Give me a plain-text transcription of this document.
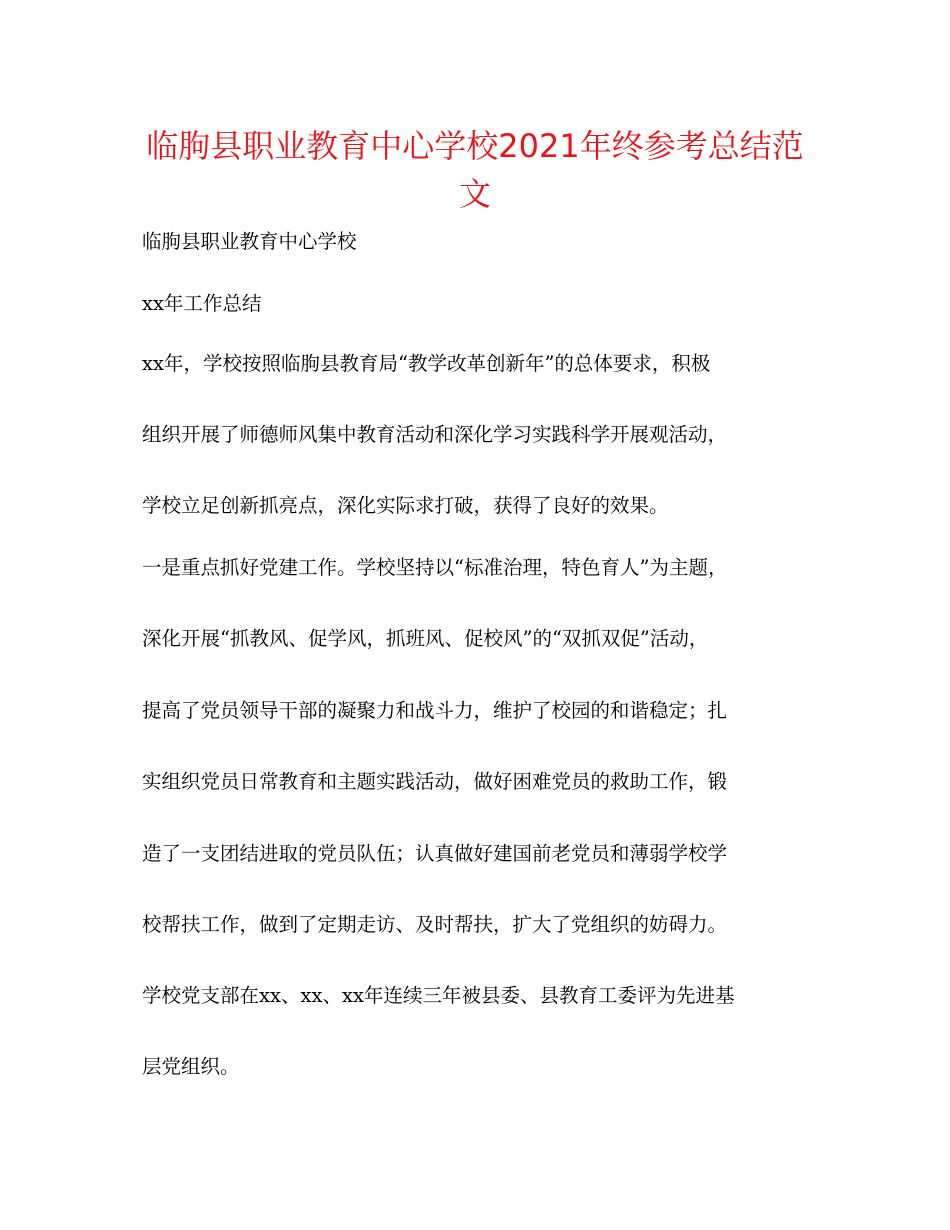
临朐县职业教育中心学校2021年终参考总结范
文

临朐县职业教育中心学校

xx年工作总结

xx年，学校按照临朐县教育局“教学改革创新年”的总体要求，积极

组织开展了师德师风集中教育活动和深化学习实践科学开展观活动，

学校立足创新抓亮点，深化实际求打破，获得了良好的效果。

一是重点抓好党建工作。学校坚持以“标准治理，特色育人”为主题，

深化开展“抓教风、促学风，抓班风、促校风”的“双抓双促”活动，

提高了党员领导干部的凝聚力和战斗力，维护了校园的和谐稳定；扎

实组织党员日常教育和主题实践活动，做好困难党员的救助工作，锻

造了一支团结进取的党员队伍；认真做好建国前老党员和薄弱学校学

校帮扶工作，做到了定期走访、及时帮扶，扩大了党组织的妨碍力。

学校党支部在xx、xx、xx年连续三年被县委、县教育工委评为先进基

层党组织。
